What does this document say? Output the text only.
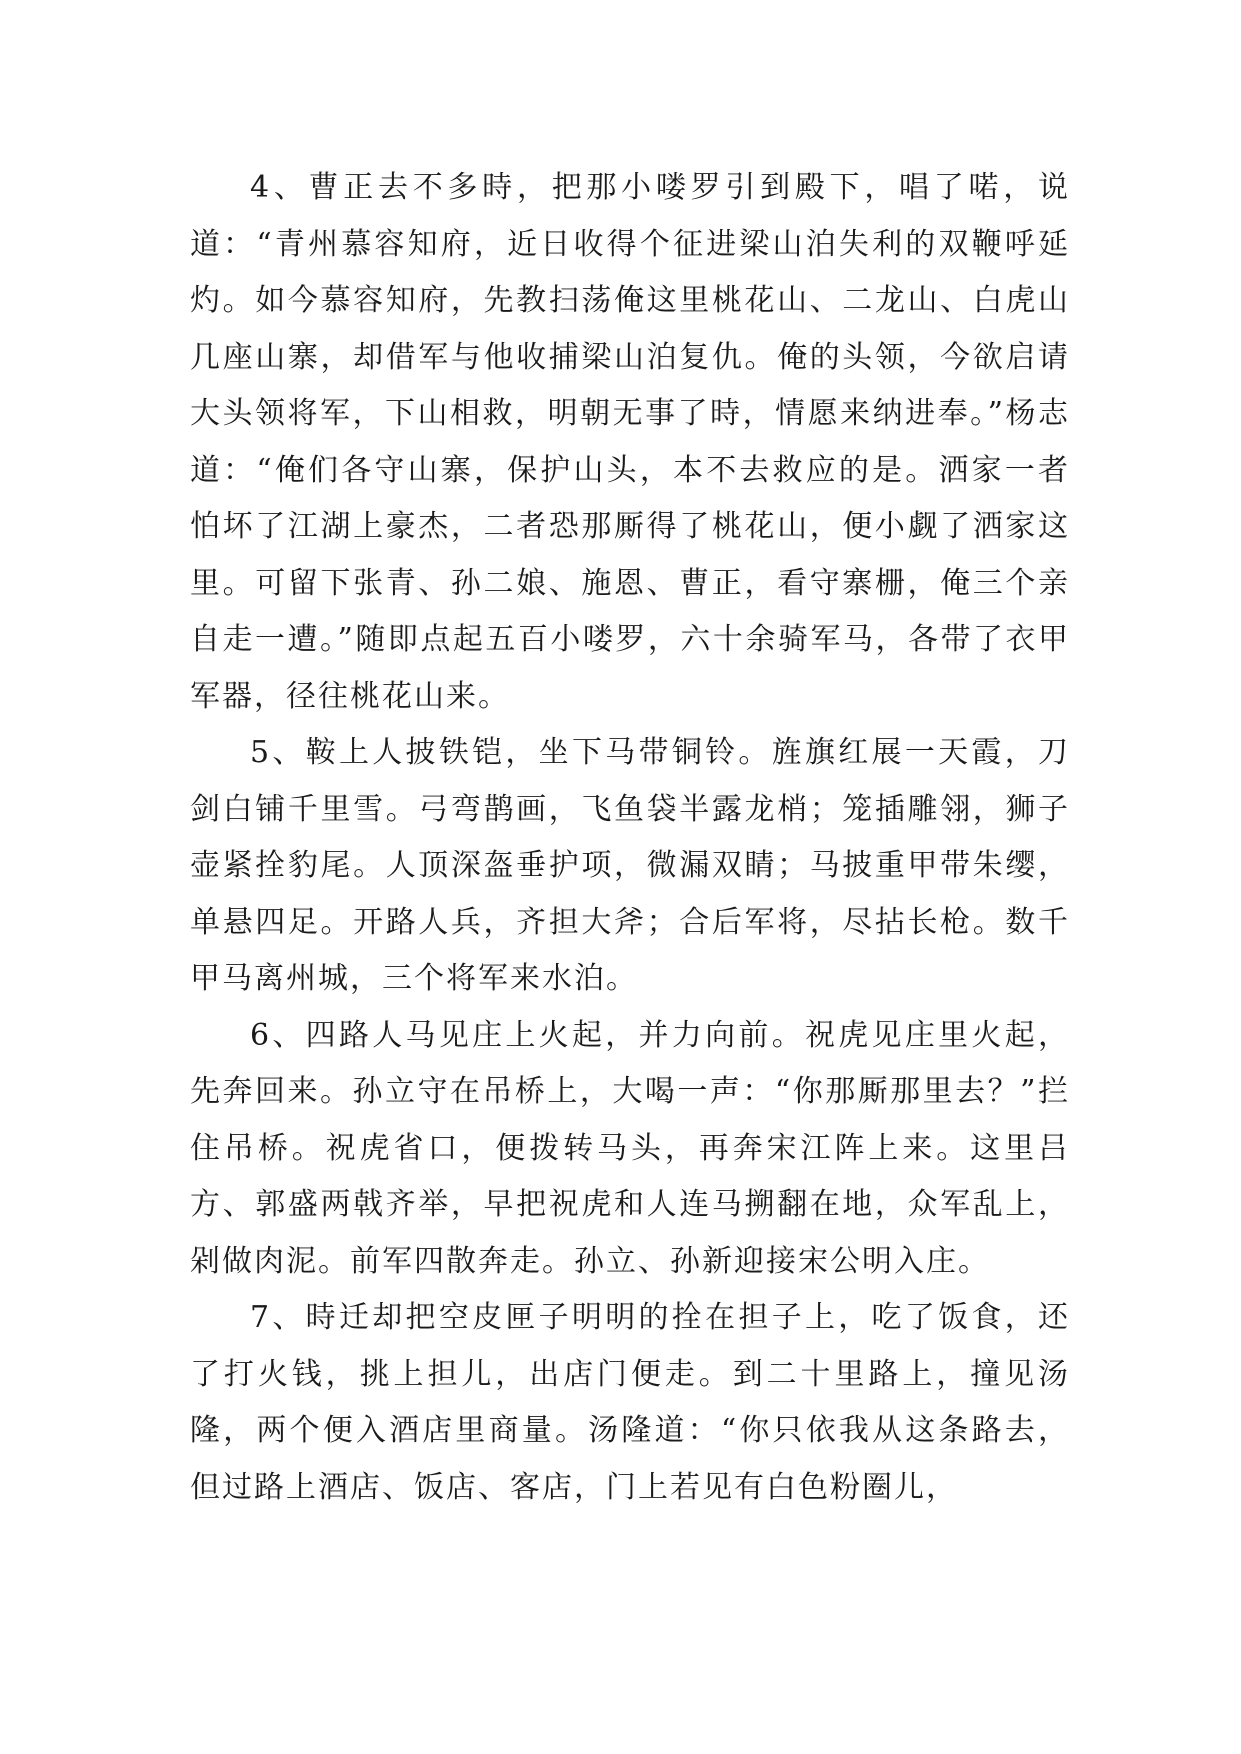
4、曹正去不多時，把那小喽罗引到殿下，唱了喏，说道：“青州慕容知府，近日收得个征进梁山泊失利的双鞭呼延灼。如今慕容知府，先教扫荡俺这里桃花山、二龙山、白虎山几座山寨，却借军与他收捕梁山泊复仇。俺的头领，今欲启请大头领将军，下山相救，明朝无事了時，情愿来纳进奉。”杨志道：“俺们各守山寨，保护山头，本不去救应的是。洒家一者怕坏了江湖上豪杰，二者恐那厮得了桃花山，便小觑了洒家这里。可留下张青、孙二娘、施恩、曹正，看守寨栅，俺三个亲自走一遭。”随即点起五百小喽罗，六十余骑军马，各带了衣甲军器，径往桃花山来。

5、鞍上人披铁铠，坐下马带铜铃。旌旗红展一天霞，刀剑白铺千里雪。弓弯鹊画，飞鱼袋半露龙梢；笼插雕翎，狮子壶紧拴豹尾。人顶深盔垂护项，微漏双睛；马披重甲带朱缨，单悬四足。开路人兵，齐担大斧；合后军将，尽拈长枪。数千甲马离州城，三个将军来水泊。

6、四路人马见庄上火起，并力向前。祝虎见庄里火起，先奔回来。孙立守在吊桥上，大喝一声：“你那厮那里去？”拦住吊桥。祝虎省口，便拨转马头，再奔宋江阵上来。这里吕方、郭盛两戟齐举，早把祝虎和人连马搠翻在地，众军乱上，剁做肉泥。前军四散奔走。孙立、孙新迎接宋公明入庄。

7、時迁却把空皮匣子明明的拴在担子上，吃了饭食，还了打火钱，挑上担儿，出店门便走。到二十里路上，撞见汤隆，两个便入酒店里商量。汤隆道：“你只依我从这条路去，但过路上酒店、饭店、客店，门上若见有白色粉圈儿，
